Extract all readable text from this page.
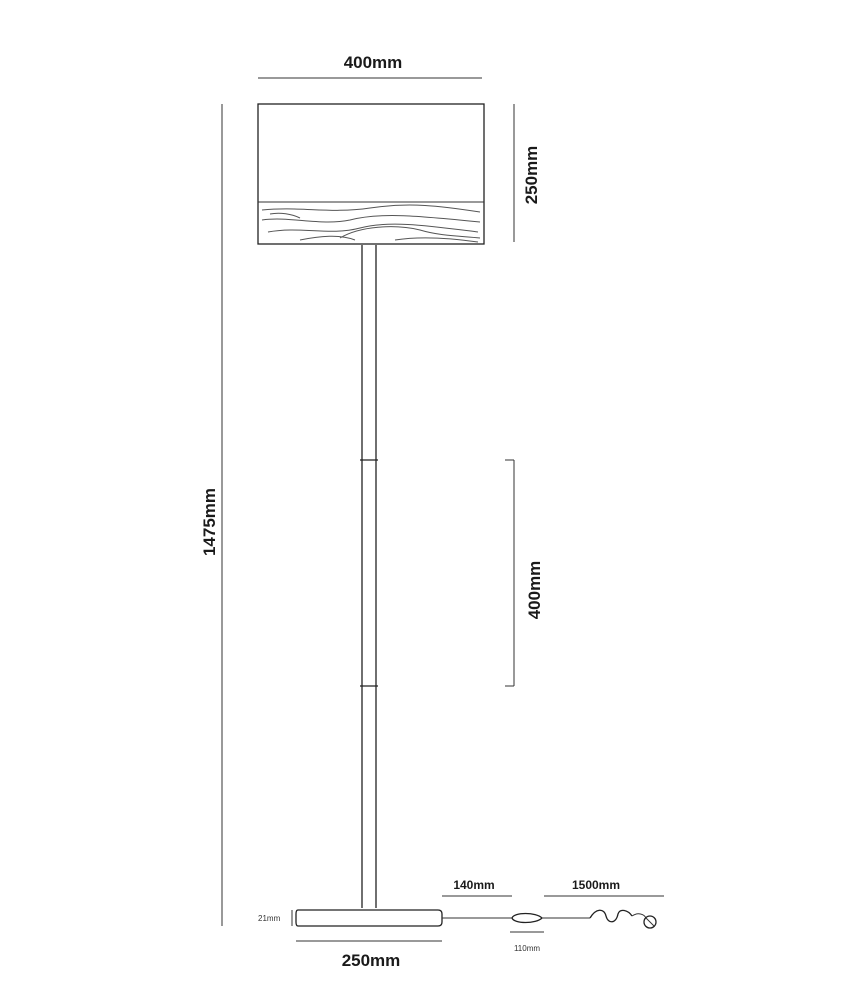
400mm
250mm
1475mm
400mm
21mm
250mm
140mm
110mm
1500mm
